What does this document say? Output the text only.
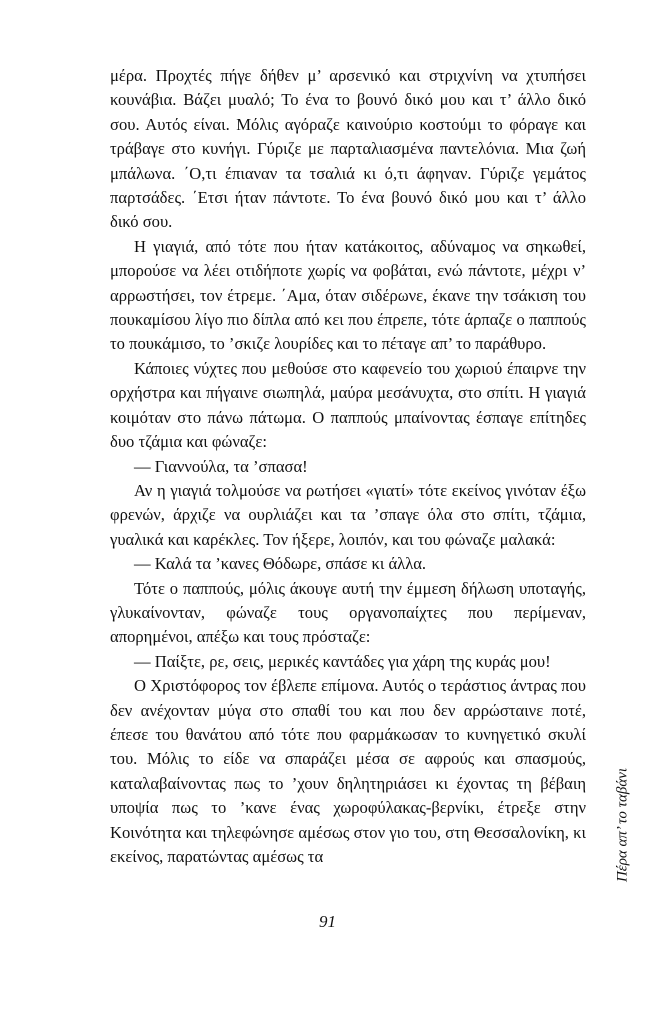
μέρα. Προχτές πήγε δήθεν μ’ αρσενικό και στριχνίνη να χτυπήσει κουνάβια. Βάζει μυαλό; Το ένα το βουνό δικό μου και τ’ άλλο δικό σου. Αυτός είναι. Μόλις αγόραζε καινούριο κοστούμι το φόραγε και τράβαγε στο κυνήγι. Γύριζε με παρταλιασμένα παντελόνια. Μια ζωή μπάλωνα. ΄Ο,τι έπιαναν τα τσαλιά κι ό,τι άφηναν. Γύριζε γεμάτος παρτσάδες. ΄Ετσι ήταν πάντοτε. Το ένα βουνό δικό μου και τ’ άλλο δικό σου.

Η γιαγιά, από τότε που ήταν κατάκοιτος, αδύναμος να σηκωθεί, μπορούσε να λέει οτιδήποτε χωρίς να φοβάται, ενώ πάντοτε, μέχρι ν’ αρρωστήσει, τον έτρεμε. ΄Αμα, όταν σιδέρωνε, έκανε την τσάκιση του πουκαμίσου λίγο πιο δίπλα από κει που έπρεπε, τότε άρπαζε ο παππούς το πουκάμισο, το ’σκιζε λουρίδες και το πέταγε απ’ το παράθυρο.

Κάποιες νύχτες που μεθούσε στο καφενείο του χωριού έπαιρνε την ορχήστρα και πήγαινε σιωπηλά, μαύρα μεσάνυχτα, στο σπίτι. Η γιαγιά κοιμόταν στο πάνω πάτωμα. Ο παππούς μπαίνοντας έσπαγε επίτηδες δυο τζάμια και φώναζε:

— Γιαννούλα, τα ’σπασα!

Αν η γιαγιά τολμούσε να ρωτήσει «γιατί» τότε εκείνος γινόταν έξω φρενών, άρχιζε να ουρλιάζει και τα ’σπαγε όλα στο σπίτι, τζάμια, γυαλικά και καρέκλες. Τον ήξερε, λοιπόν, και του φώναζε μαλακά:

— Καλά τα ’κανες Θόδωρε, σπάσε κι άλλα.

Τότε ο παππούς, μόλις άκουγε αυτή την έμμεση δήλωση υποταγής, γλυκαίνονταν, φώναζε τους οργανοπαίχτες που περίμεναν, απορημένοι, απέξω και τους πρόσταζε:

— Παίξτε, ρε, σεις, μερικές καντάδες για χάρη της κυράς μου!

Ο Χριστόφορος τον έβλεπε επίμονα. Αυτός ο τεράστιος άντρας που δεν ανέχονταν μύγα στο σπαθί του και που δεν αρρώσταινε ποτέ, έπεσε του θανάτου από τότε που φαρμάκωσαν το κυνηγετικό σκυλί του. Μόλις το είδε να σπαράζει μέσα σε αφρούς και σπασμούς, καταλαβαίνοντας πως το ’χουν δηλητηριάσει κι έχοντας τη βέβαιη υποψία πως το ’κανε ένας χωροφύλακας-βερνίκι, έτρεξε στην Κοινότητα και τηλεφώνησε αμέσως στον γιο του, στη Θεσσαλονίκη, κι εκείνος, παρατώντας αμέσως τα

91
Πέρα απ’ το ταβάνι
